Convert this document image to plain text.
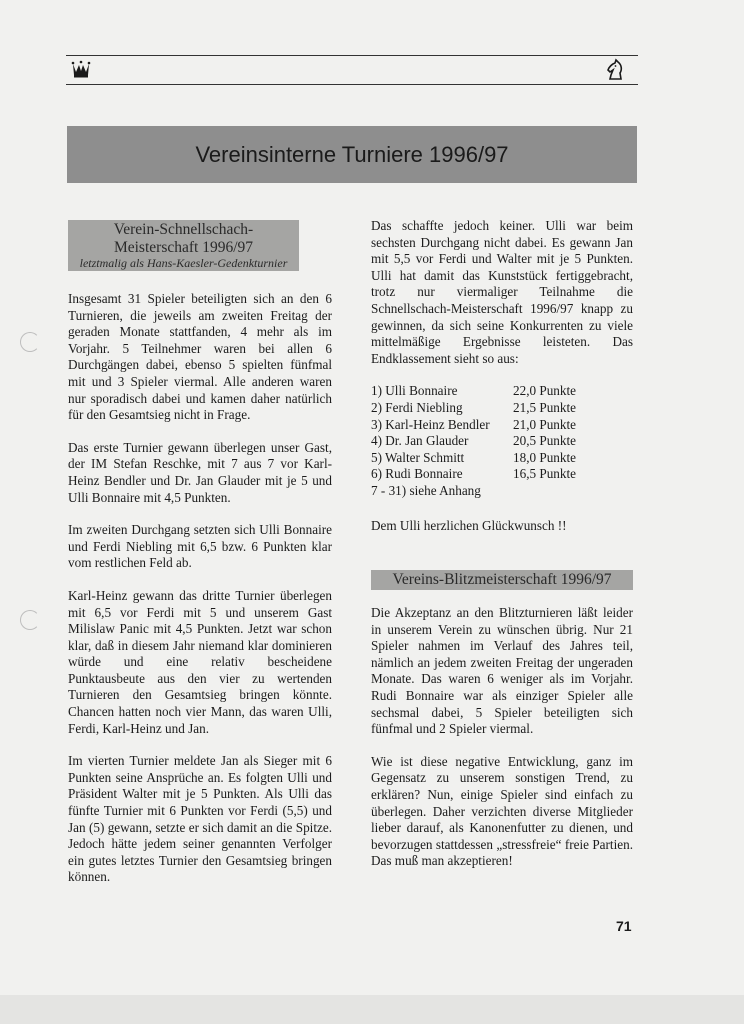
Vereinsinterne Turniere 1996/97
Verein-Schnellschach-
Meisterschaft 1996/97
letztmalig als Hans-Kaesler-Gedenkturnier

Insgesamt 31 Spieler beteiligten sich an den 6 Turnieren, die jeweils am zweiten Freitag der geraden Monate stattfanden, 4 mehr als im Vorjahr. 5 Teilnehmer waren bei allen 6 Durchgängen dabei, ebenso 5 spielten fünfmal mit und 3 Spieler viermal. Alle anderen waren nur sporadisch dabei und kamen daher natürlich für den Gesamtsieg nicht in Frage.

Das erste Turnier gewann überlegen unser Gast, der IM Stefan Reschke, mit 7 aus 7 vor Karl-Heinz Bendler und Dr. Jan Glauder mit je 5 und Ulli Bonnaire mit 4,5 Punkten.

Im zweiten Durchgang setzten sich Ulli Bonnaire und Ferdi Niebling mit 6,5 bzw. 6 Punkten klar vom restlichen Feld ab.

Karl-Heinz gewann das dritte Turnier überlegen mit 6,5 vor Ferdi mit 5 und unserem Gast Milislaw Panic mit 4,5 Punkten. Jetzt war schon klar, daß in diesem Jahr niemand klar dominieren würde und eine relativ bescheidene Punktausbeute aus den vier zu wertenden Turnieren den Gesamtsieg bringen könnte. Chancen hatten noch vier Mann, das waren Ulli, Ferdi, Karl-Heinz und Jan.

Im vierten Turnier meldete Jan als Sieger mit 6 Punkten seine Ansprüche an. Es folgten Ulli und Präsident Walter mit je 5 Punkten. Als Ulli das fünfte Turnier mit 6 Punkten vor Ferdi (5,5) und Jan (5) gewann, setzte er sich damit an die Spitze. Jedoch hätte jedem seiner genannten Verfolger ein gutes letztes Turnier den Gesamtsieg bringen können.

Das schaffte jedoch keiner. Ulli war beim sechsten Durchgang nicht dabei. Es gewann Jan mit 5,5 vor Ferdi und Walter mit je 5 Punkten. Ulli hat damit das Kunststück fertiggebracht, trotz nur viermaliger Teilnahme die Schnellschach-Meisterschaft 1996/97 knapp zu gewinnen, da sich seine Konkurrenten zu viele mittelmäßige Ergebnisse leisteten. Das Endklassement sieht so aus:

1) Ulli Bonnaire	22,0 Punkte
2) Ferdi Niebling	21,5 Punkte
3) Karl-Heinz Bendler	21,0 Punkte
4) Dr. Jan Glauder	20,5 Punkte
5) Walter Schmitt	18,0 Punkte
6) Rudi Bonnaire	16,5 Punkte
7 - 31) siehe Anhang	

Dem Ulli herzlichen Glückwunsch !!

Vereins-Blitzmeisterschaft 1996/97

Die Akzeptanz an den Blitzturnieren läßt leider in unserem Verein zu wünschen übrig. Nur 21 Spieler nahmen im Verlauf des Jahres teil, nämlich an jedem zweiten Freitag der ungeraden Monate. Das waren 6 weniger als im Vorjahr. Rudi Bonnaire war als einziger Spieler alle sechsmal dabei, 5 Spieler beteiligten sich fünfmal und 2 Spieler viermal.

Wie ist diese negative Entwicklung, ganz im Gegensatz zu unserem sonstigen Trend, zu erklären? Nun, einige Spieler sind einfach zu überlegen. Daher verzichten diverse Mitglieder lieber darauf, als Kanonenfutter zu dienen, und bevorzugen stattdessen „stressfreie“ freie Partien. Das muß man akzeptieren!

71
